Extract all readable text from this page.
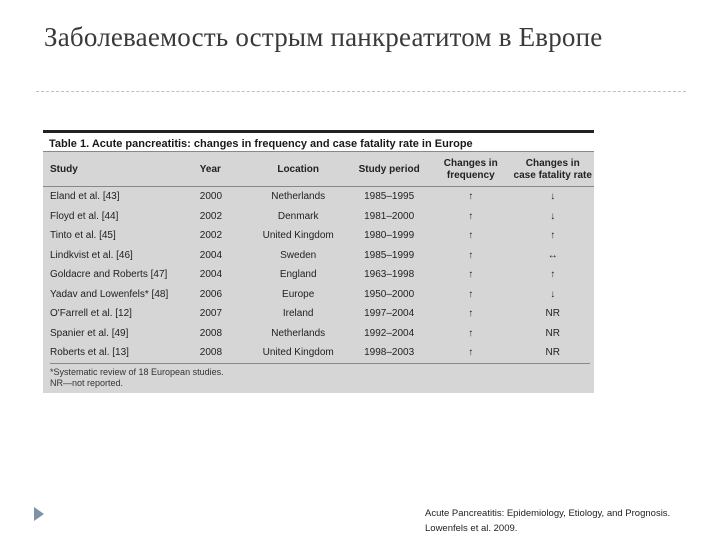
Заболеваемость острым панкреатитом в Европе
Table 1. Acute pancreatitis: changes in frequency and case fatality rate in Europe
Study	Year	Location	Study period	Changes in frequency	Changes in case fatality rate
Eland et al. [43]	2000	Netherlands	1985–1995	↑	↓
Floyd et al. [44]	2002	Denmark	1981–2000	↑	↓
Tinto et al. [45]	2002	United Kingdom	1980–1999	↑	↑
Lindkvist et al. [46]	2004	Sweden	1985–1999	↑	↔
Goldacre and Roberts [47]	2004	England	1963–1998	↑	↑
Yadav and Lowenfels* [48]	2006	Europe	1950–2000	↑	↓
O'Farrell et al. [12]	2007	Ireland	1997–2004	↑	NR
Spanier et al. [49]	2008	Netherlands	1992–2004	↑	NR
Roberts et al. [13]	2008	United Kingdom	1998–2003	↑	NR
*Systematic review of 18 European studies.
NR—not reported.
Acute Pancreatitis: Epidemiology, Etiology, and Prognosis.
Lowenfels et al. 2009.
